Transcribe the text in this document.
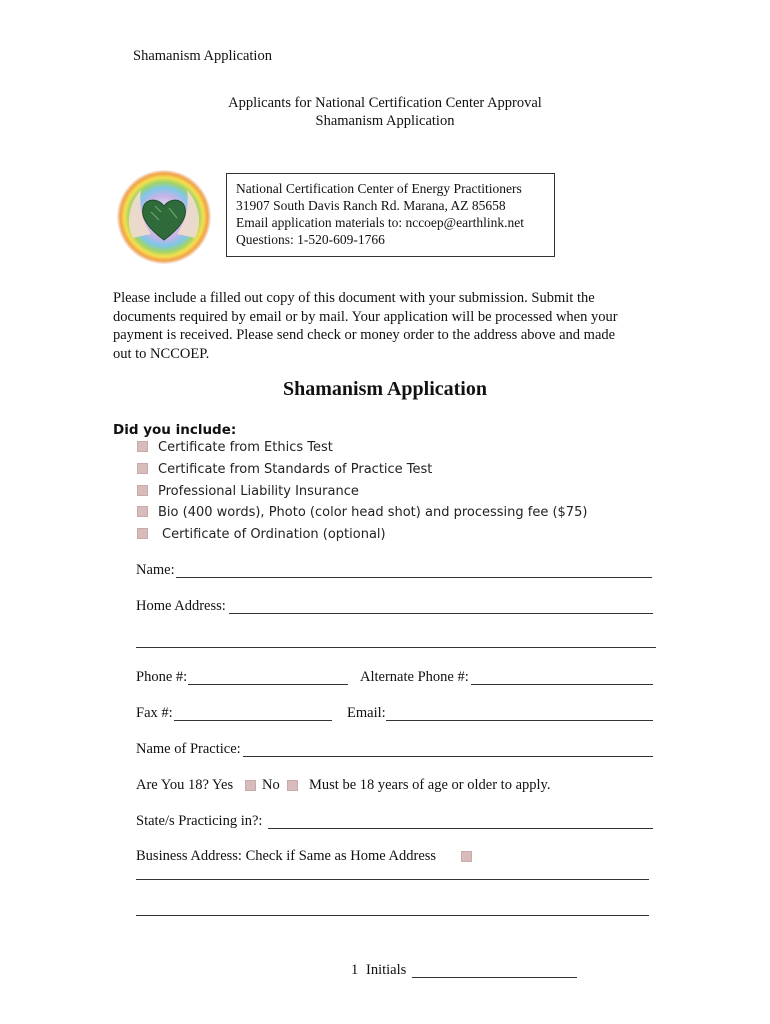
Shamanism Application
Applicants for National Certification Center Approval
Shamanism Application
National Certification Center of Energy Practitioners
31907 South Davis Ranch Rd. Marana, AZ 85658
Email application materials to: nccoep@earthlink.net
Questions: 1-520-609-1766
Please include a filled out copy of this document with your submission. Submit the
documents required by email or by mail. Your application will be processed when your
payment is received. Please send check or money order to the address above and made
out to NCCOEP.
Shamanism Application
Did you include:
Certificate from Ethics Test
Certificate from Standards of Practice Test
Professional Liability Insurance
Bio (400 words), Photo (color head shot) and processing fee ($75)
Certificate of Ordination (optional)
Name:
Home Address:
Phone #:	Alternate Phone #:
Fax #:	Email:
Name of Practice:
Are You 18? Yes No Must be 18 years of age or older to apply.
State/s Practicing in?:
Business Address: Check if Same as Home Address
1 Initials
